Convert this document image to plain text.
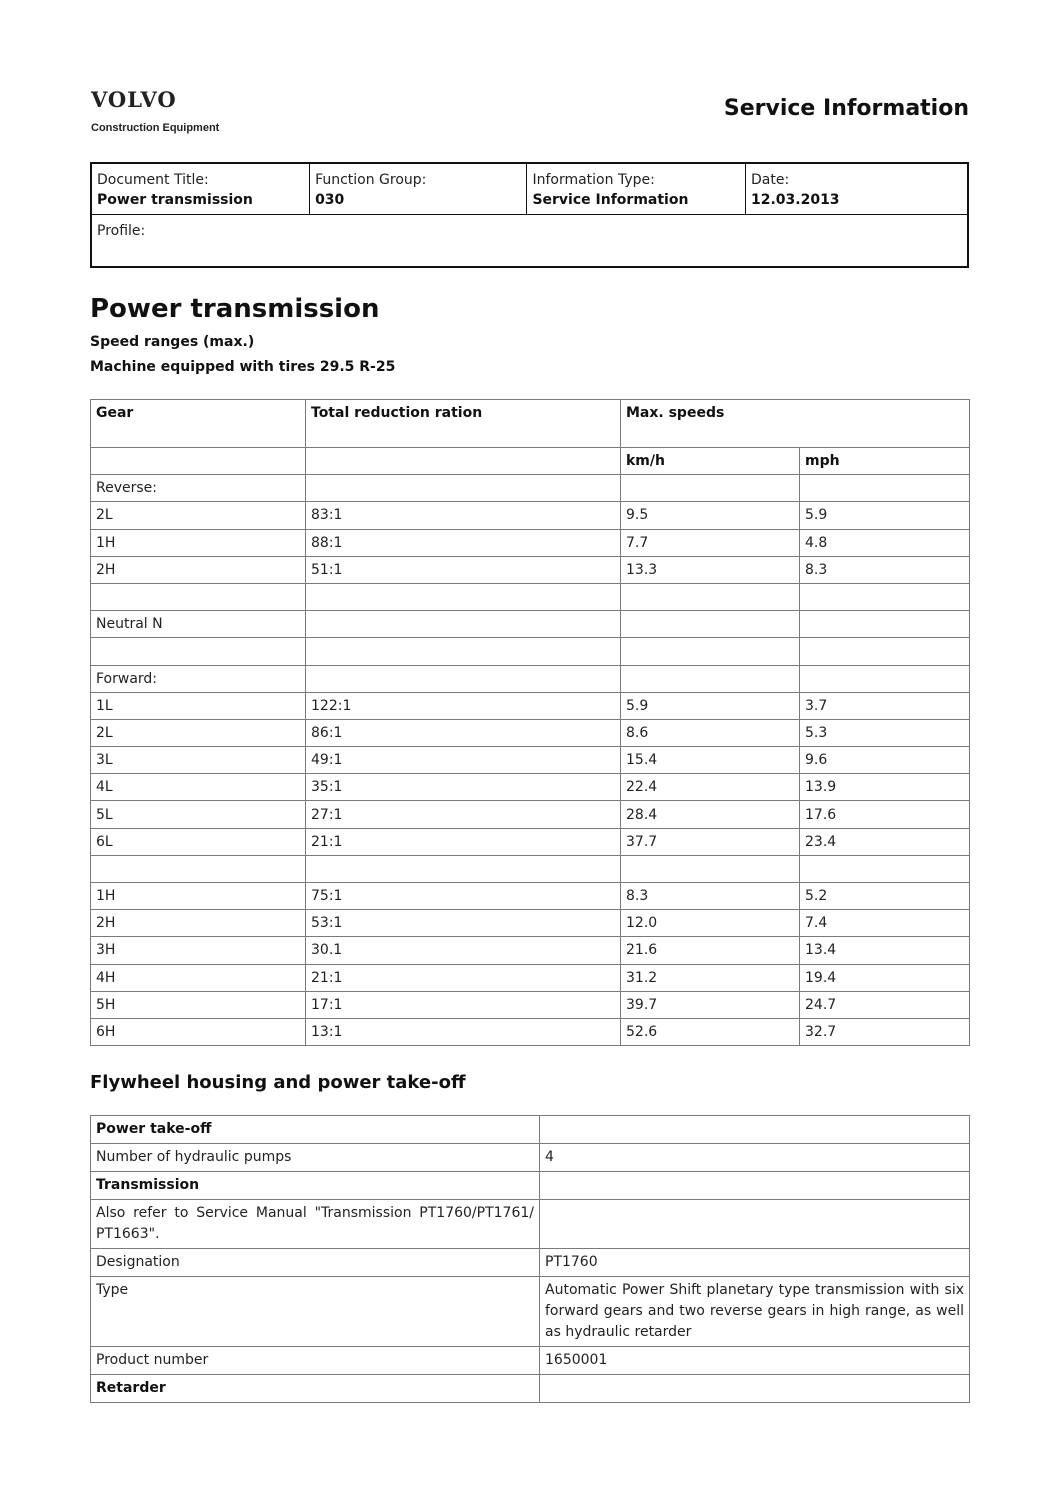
VOLVO
Construction Equipment
Service Information
Document Title:
Power transmission

Function Group:
030

Information Type:
Service Information

Date:
12.03.2013

Profile:
Power transmission
Speed ranges (max.)
Machine equipped with tires 29.5 R-25
Gear	Total reduction ration	Max. speeds	
		km/h	mph
Reverse:			
2L	83:1	9.5	5.9
1H	88:1	7.7	4.8
2H	51:1	13.3	8.3

Neutral N			

Forward:			
1L	122:1	5.9	3.7
2L	86:1	8.6	5.3
3L	49:1	15.4	9.6
4L	35:1	22.4	13.9
5L	27:1	28.4	17.6
6L	21:1	37.7	23.4

1H	75:1	8.3	5.2
2H	53:1	12.0	7.4
3H	30.1	21.6	13.4
4H	21:1	31.2	19.4
5H	17:1	39.7	24.7
6H	13:1	52.6	32.7
Flywheel housing and power take-off
Power take-off	
Number of hydraulic pumps	4
Transmission	
Also refer to Service Manual "Transmission PT1760/PT1761/ PT1663".	
Designation	PT1760
Type	Automatic Power Shift planetary type transmission with six forward gears and two reverse gears in high range, as well as hydraulic retarder
Product number	1650001
Retarder	
